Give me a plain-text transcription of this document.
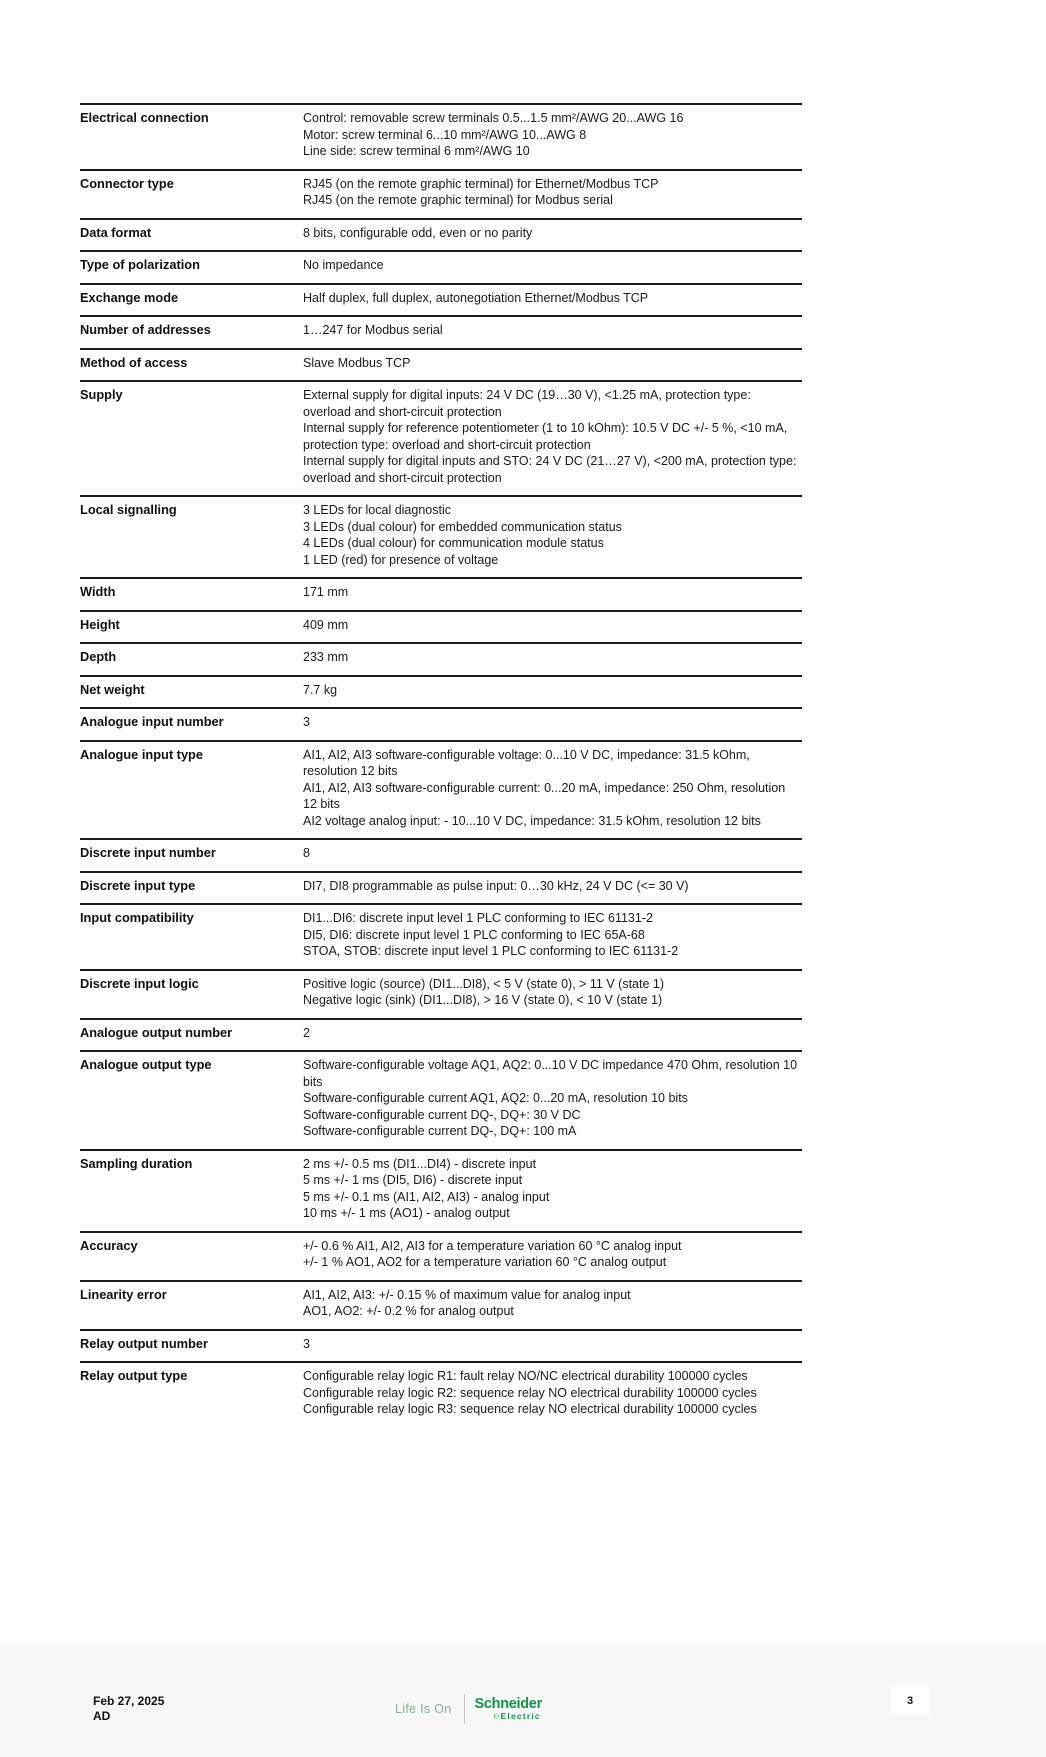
Electrical connection	Control: removable screw terminals 0.5...1.5 mm²/AWG 20...AWG 16
Motor: screw terminal 6...10 mm²/AWG 10...AWG 8
Line side: screw terminal 6 mm²/AWG 10
Connector type	RJ45 (on the remote graphic terminal) for Ethernet/Modbus TCP
RJ45 (on the remote graphic terminal) for Modbus serial
Data format	8 bits, configurable odd, even or no parity
Type of polarization	No impedance
Exchange mode	Half duplex, full duplex, autonegotiation Ethernet/Modbus TCP
Number of addresses	1…247 for Modbus serial
Method of access	Slave Modbus TCP
Supply	External supply for digital inputs: 24 V DC (19…30 V), <1.25 mA, protection type: overload and short-circuit protection
Internal supply for reference potentiometer (1 to 10 kOhm): 10.5 V DC +/- 5 %, <10 mA, protection type: overload and short-circuit protection
Internal supply for digital inputs and STO: 24 V DC (21…27 V), <200 mA, protection type: overload and short-circuit protection
Local signalling	3 LEDs for local diagnostic
3 LEDs (dual colour) for embedded communication status
4 LEDs (dual colour) for communication module status
1 LED (red) for presence of voltage
Width	171 mm
Height	409 mm
Depth	233 mm
Net weight	7.7 kg
Analogue input number	3
Analogue input type	AI1, AI2, AI3 software-configurable voltage: 0...10 V DC, impedance: 31.5 kOhm, resolution 12 bits
AI1, AI2, AI3 software-configurable current: 0...20 mA, impedance: 250 Ohm, resolution 12 bits
AI2 voltage analog input: - 10...10 V DC, impedance: 31.5 kOhm, resolution 12 bits
Discrete input number	8
Discrete input type	DI7, DI8 programmable as pulse input: 0…30 kHz, 24 V DC (<= 30 V)
Input compatibility	DI1...DI6: discrete input level 1 PLC conforming to IEC 61131-2
DI5, DI6: discrete input level 1 PLC conforming to IEC 65A-68
STOA, STOB: discrete input level 1 PLC conforming to IEC 61131-2
Discrete input logic	Positive logic (source) (DI1...DI8), < 5 V (state 0), > 11 V (state 1)
Negative logic (sink) (DI1...DI8), > 16 V (state 0), < 10 V (state 1)
Analogue output number	2
Analogue output type	Software-configurable voltage AQ1, AQ2: 0...10 V DC impedance 470 Ohm, resolution 10 bits
Software-configurable current AQ1, AQ2: 0...20 mA, resolution 10 bits
Software-configurable current DQ-, DQ+: 30 V DC
Software-configurable current DQ-, DQ+: 100 mA
Sampling duration	2 ms +/- 0.5 ms (DI1...DI4) - discrete input
5 ms +/- 1 ms (DI5, DI6) - discrete input
5 ms +/- 0.1 ms (AI1, AI2, AI3) - analog input
10 ms +/- 1 ms (AO1) - analog output
Accuracy	+/- 0.6 % AI1, AI2, AI3 for a temperature variation 60 °C analog input
+/- 1 % AO1, AO2 for a temperature variation 60 °C analog output
Linearity error	AI1, AI2, AI3: +/- 0.15 % of maximum value for analog input
AO1, AO2: +/- 0.2 % for analog output
Relay output number	3
Relay output type	Configurable relay logic R1: fault relay NO/NC electrical durability 100000 cycles
Configurable relay logic R2: sequence relay NO electrical durability 100000 cycles
Configurable relay logic R3: sequence relay NO electrical durability 100000 cycles
Feb 27, 2025
AD	Life Is On Schneider
℮ Electric
3
